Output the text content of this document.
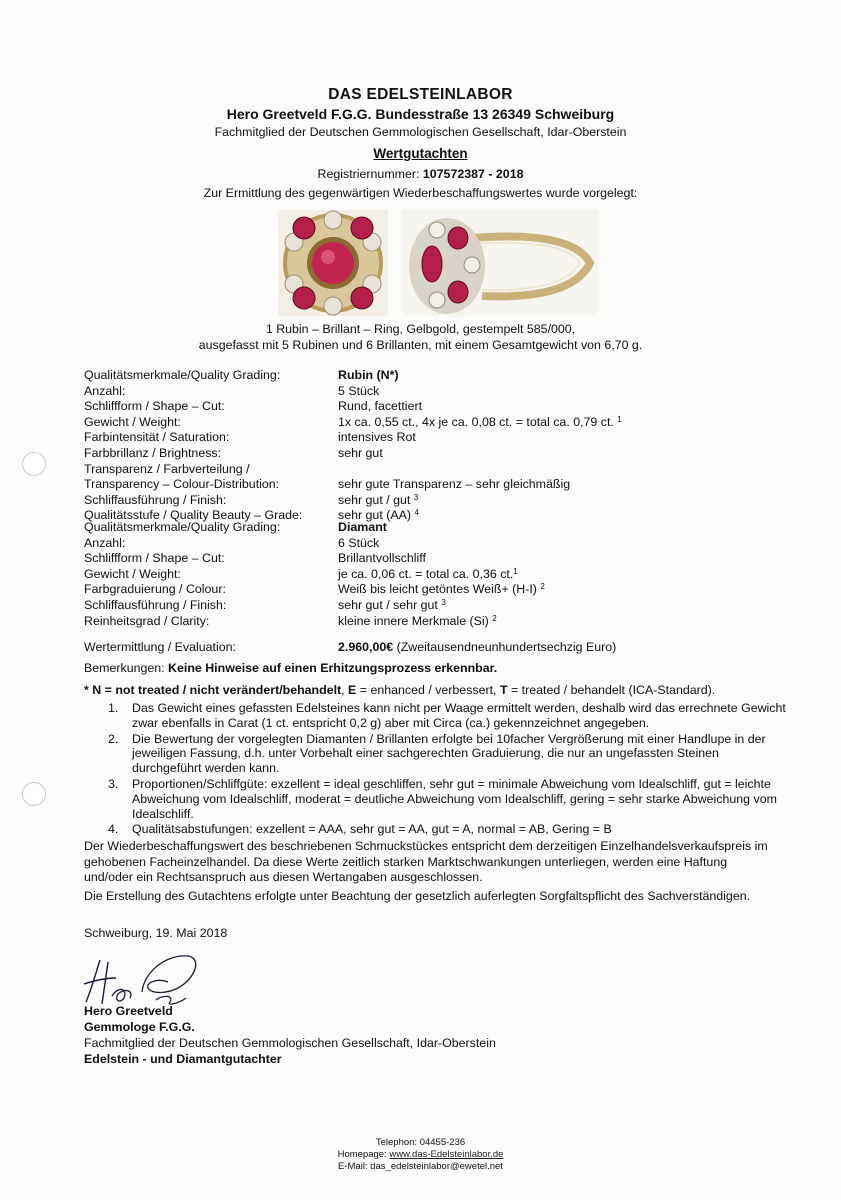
DAS EDELSTEINLABOR
Hero Greetveld F.G.G. Bundesstraße 13 26349 Schweiburg
Fachmitglied der Deutschen Gemmologischen Gesellschaft, Idar-Oberstein
Wertgutachten
Registriernummer: 107572387 - 2018
Zur Ermittlung des gegenwärtigen Wiederbeschaffungswertes wurde vorgelegt:
1 Rubin – Brillant – Ring, Gelbgold, gestempelt 585/000,
ausgefasst mit 5 Rubinen und 6 Brillanten, mit einem Gesamtgewicht von 6,70 g.
Qualitätsmerkmale/Quality Grading:	Rubin (N*)
Anzahl:	5 Stück
Schliffform / Shape – Cut:	Rund, facettiert
Gewicht / Weight:	1x ca. 0,55 ct., 4x je ca. 0,08 ct. = total ca. 0,79 ct. $^1$
Farbintensität / Saturation:	intensives Rot
Farbbrillanz / Brightness:	sehr gut
Transparenz / Farbverteilung /
Transparency – Colour-Distribution:	sehr gute Transparenz – sehr gleichmäßig
Schliffausführung / Finish:	sehr gut / gut $^3$
Qualitätsstufe / Quality Beauty – Grade:	sehr gut (AA) $^4$
Qualitätsmerkmale/Quality Grading:	Diamant
Anzahl:	6 Stück
Schliffform / Shape – Cut:	Brillantvollschliff
Gewicht / Weight:	je ca. 0,06 ct. = total ca. 0,36 ct.$^1$
Farbgraduierung / Colour:	Weiß bis leicht getöntes Weiß+ (H-I) $^2$
Schliffausführung / Finish:	sehr gut / sehr gut $^3$
Reinheitsgrad / Clarity:	kleine innere Merkmale (Si) $^2$
Wertermittlung / Evaluation:	2.960,00€ (Zweitausendneunhundertsechzig Euro)
Bemerkungen: Keine Hinweise auf einen Erhitzungsprozess erkennbar.
* N = not treated / nicht verändert/behandelt, E = enhanced / verbessert, T = treated / behandelt (ICA-Standard).
1. Das Gewicht eines gefassten Edelsteines kann nicht per Waage ermittelt werden, deshalb wird das errechnete Gewicht zwar ebenfalls in Carat (1 ct. entspricht 0,2 g) aber mit Circa (ca.) gekennzeichnet angegeben.
2. Die Bewertung der vorgelegten Diamanten / Brillanten erfolgte bei 10facher Vergrößerung mit einer Handlupe in der jeweiligen Fassung, d.h. unter Vorbehalt einer sachgerechten Graduierung, die nur an ungefassten Steinen durchgeführt werden kann.
3. Proportionen/Schliffgüte: exzellent = ideal geschliffen, sehr gut = minimale Abweichung vom Idealschliff, gut = leichte Abweichung vom Idealschliff, moderat = deutliche Abweichung vom Idealschliff, gering = sehr starke Abweichung vom Idealschliff.
4. Qualitätsabstufungen: exzellent = AAA, sehr gut = AA, gut = A, normal = AB, Gering = B
Der Wiederbeschaffungswert des beschriebenen Schmuckstückes entspricht dem derzeitigen Einzelhandelsverkaufspreis im gehobenen Facheinzelhandel. Da diese Werte zeitlich starken Marktschwankungen unterliegen, werden eine Haftung und/oder ein Rechtsanspruch aus diesen Wertangaben ausgeschlossen.
Die Erstellung des Gutachtens erfolgte unter Beachtung der gesetzlich auferlegten Sorgfaltspflicht des Sachverständigen.
Schweiburg, 19. Mai 2018
Hero Greetveld
Gemmologe F.G.G.
Fachmitglied der Deutschen Gemmologischen Gesellschaft, Idar-Oberstein
Edelstein - und Diamantgutachter
Telephon: 04455-236
Homepage: www.das-Edelsteinlabor.de
E-Mail: das_edelsteinlabor@ewetel.net
